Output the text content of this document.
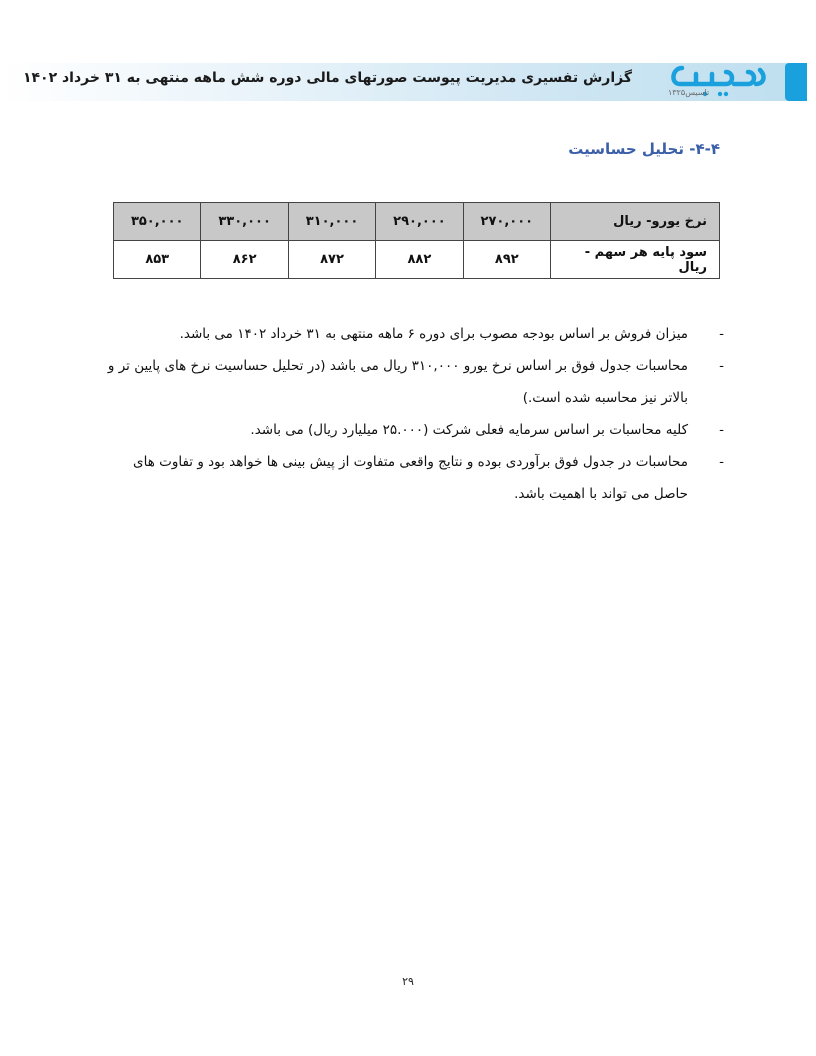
گزارش تفسیری مدیریت پیوست صورتهای مالی دوره شش ماهه منتهی به ۳۱ خرداد ۱۴۰۲
تاسیس۱۳۲۵
۴-۴- تحلیل حساسیت
نرخ یورو- ریال	۲۷۰,۰۰۰	۲۹۰,۰۰۰	۳۱۰,۰۰۰	۳۳۰,۰۰۰	۳۵۰,۰۰۰
سود پایه هر سهم - ریال	۸۹۲	۸۸۲	۸۷۲	۸۶۲	۸۵۳
-
میزان فروش بر اساس بودجه مصوب برای دوره ۶ ماهه منتهی به ۳۱ خرداد ۱۴۰۲ می باشد.
-
محاسبات جدول فوق بر اساس نرخ یورو ۳۱۰,۰۰۰ ریال می باشد (در تحلیل حساسیت نرخ های پایین تر و بالاتر نیز محاسبه شده است.)
-
کلیه محاسبات بر اساس سرمایه فعلی شرکت (۲۵.۰۰۰ میلیارد ریال) می باشد.
-
محاسبات در جدول فوق برآوردی بوده و نتایج واقعی متفاوت از پیش بینی ها خواهد بود و تفاوت های حاصل می تواند با اهمیت باشد.
۲۹
